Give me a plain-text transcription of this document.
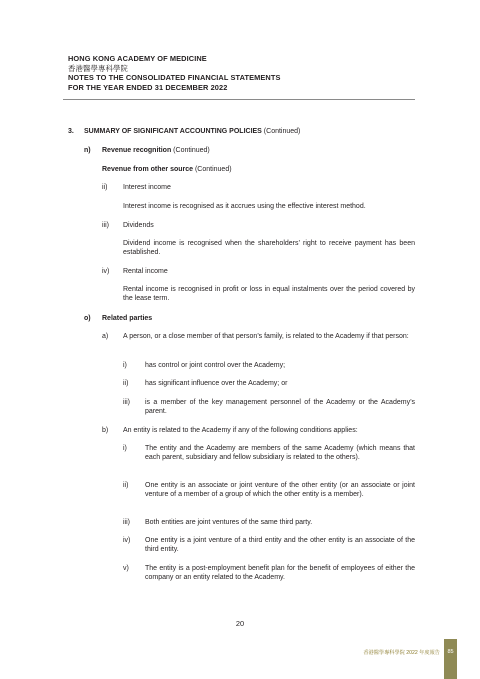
HONG KONG ACADEMY OF MEDICINE
香港醫學專科學院
NOTES TO THE CONSOLIDATED FINANCIAL STATEMENTS
FOR THE YEAR ENDED 31 DECEMBER 2022
3. SUMMARY OF SIGNIFICANT ACCOUNTING POLICIES (Continued)
n) Revenue recognition (Continued)
Revenue from other source (Continued)
ii) Interest income
Interest income is recognised as it accrues using the effective interest method.
iii) Dividends
Dividend income is recognised when the shareholders’ right to receive payment has been established.
iv) Rental income
Rental income is recognised in profit or loss in equal instalments over the period covered by the lease term.
o) Related parties
a) A person, or a close member of that person’s family, is related to the Academy if that person:
i)	has control or joint control over the Academy;
ii) has significant influence over the Academy; or
iii) is a member of the key management personnel of the Academy or the Academy’s parent.
b) An entity is related to the Academy if any of the following conditions applies:
i)	The entity and the Academy are members of the same Academy (which means that each parent, subsidiary and fellow subsidiary is related to the others).
ii) One entity is an associate or joint venture of the other entity (or an associate or joint venture of a member of a group of which the other entity is a member).
iii) Both entities are joint ventures of the same third party.
iv) One entity is a joint venture of a third entity and the other entity is an associate of the third entity.
v) The entity is a post-employment benefit plan for the benefit of employees of either the company or an entity related to the Academy.
20
香港醫學專科學院 2022 年度報告	85
